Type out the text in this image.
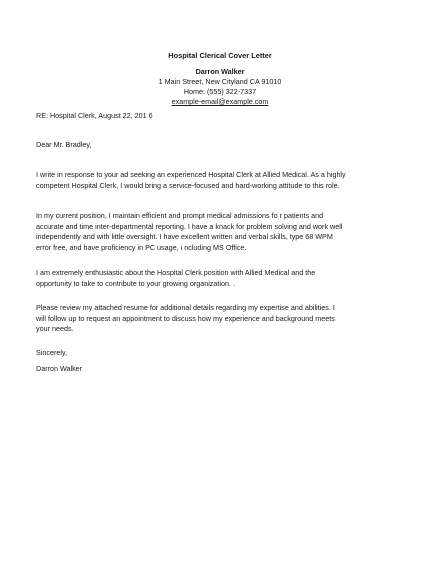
Hospital Clerical Cover Letter
Darron Walker
1 Main Street, New Cityland CA 91010
Home: (555) 322-7337
example-email@example.com

RE: Hospital Clerk, August 22, 201 6

Dear Mr. Bradley,

I write in response to your ad seeking an experienced Hospital Clerk at Allied Medical. As a highly
competent Hospital Clerk, I would bring a service-focused and hard-working attitude to this role.

In my current position, I maintain efficient and prompt medical admissions fo r patients and
accurate and time inter-departmental reporting. I have a knack for problem solving and work well
independently and with little oversight. I have excellent written and verbal skills, type 68 WPM
error free, and have proficiency in PC usage, i ncluding MS Office.

I am extremely enthusiastic about the Hospital Clerk position with Allied Medical and the
opportunity to take to contribute to your growing organization. .

Please review my attached resume for additional details regarding my expertise and abilities. I
will follow up to request an appointment to discuss how my experience and background meets
your needs.

Sincerely,

Darron Walker
